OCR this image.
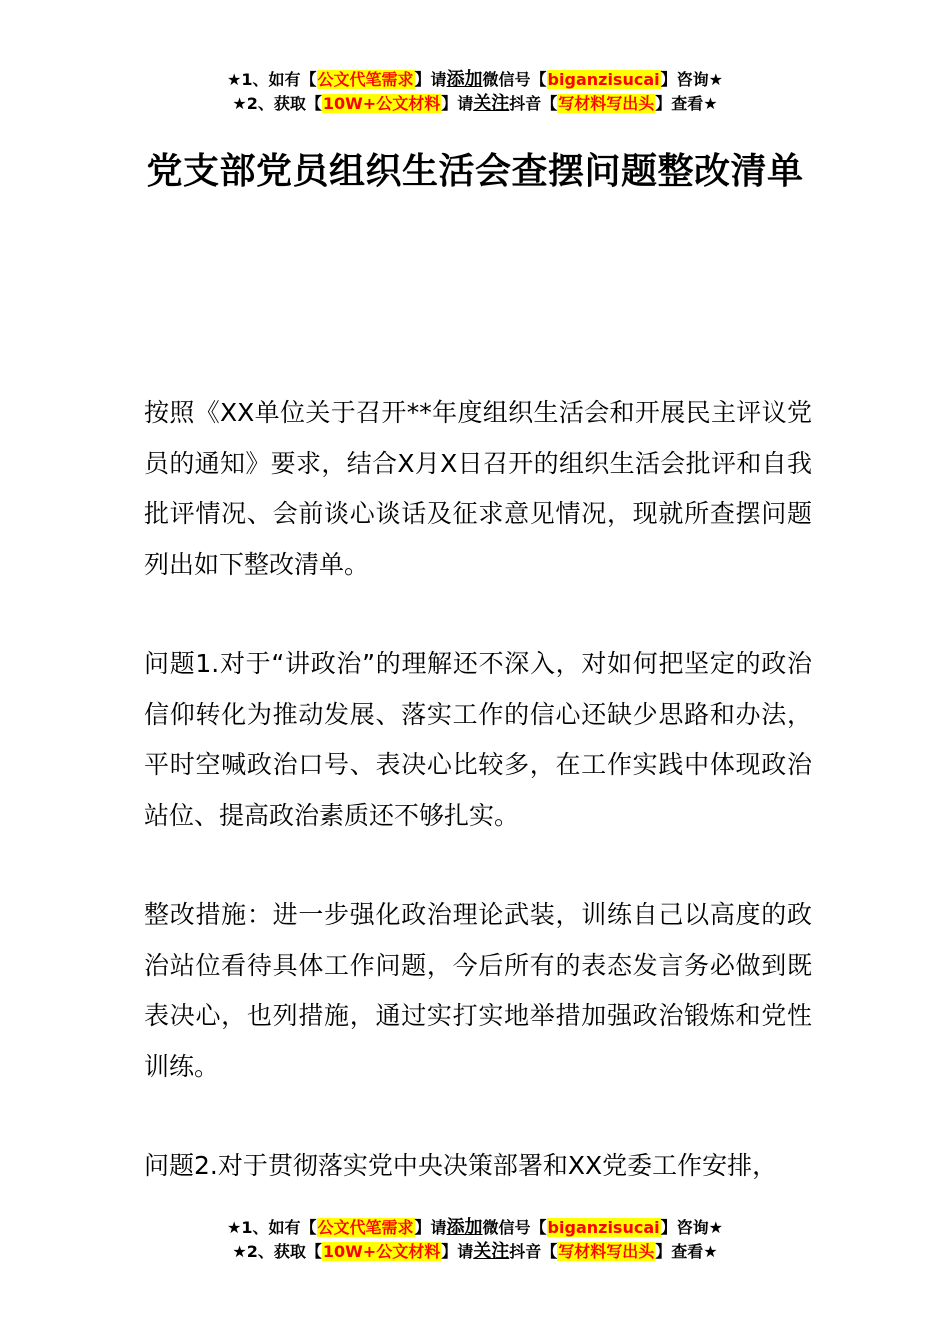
★1、如有【公文代笔需求】请添加微信号【biganzisucai】咨询★
★2、获取【10W+公文材料】请关注抖音【写材料写出头】查看★
党支部党员组织生活会查摆问题整改清单

按照《XX单位关于召开**年度组织生活会和开展民主评议党员的通知》要求，结合X月X日召开的组织生活会批评和自我批评情况、会前谈心谈话及征求意见情况，现就所查摆问题列出如下整改清单。

问题1.对于“讲政治”的理解还不深入，对如何把坚定的政治信仰转化为推动发展、落实工作的信心还缺少思路和办法，平时空喊政治口号、表决心比较多，在工作实践中体现政治站位、提高政治素质还不够扎实。

整改措施：进一步强化政治理论武装，训练自己以高度的政治站位看待具体工作问题，今后所有的表态发言务必做到既表决心，也列措施，通过实打实地举措加强政治锻炼和党性训练。

问题2.对于贯彻落实党中央决策部署和XX党委工作安排，

★1、如有【公文代笔需求】请添加微信号【biganzisucai】咨询★
★2、获取【10W+公文材料】请关注抖音【写材料写出头】查看★
